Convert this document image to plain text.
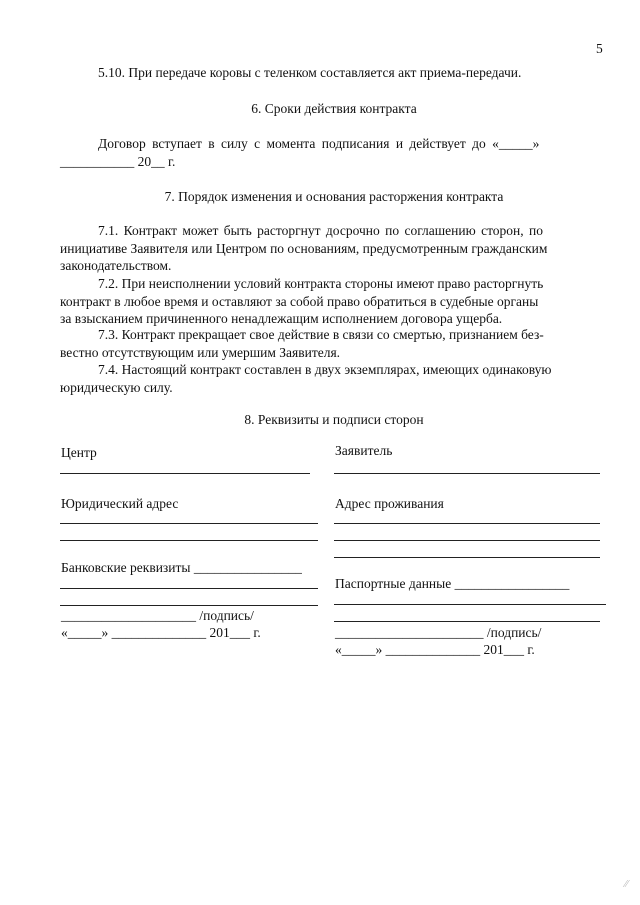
5
5.10. При передаче коровы с теленком составляется акт приема-передачи.
6. Сроки действия контракта
Договор вступает в силу с момента подписания и действует до «_____»
___________ 20__ г.
7. Порядок изменения и основания расторжения контракта
7.1. Контракт может быть расторгнут досрочно по соглашению сторон, по
инициативе Заявителя или Центром по основаниям, предусмотренным гражданским
законодательством.
7.2. При неисполнении условий контракта стороны имеют право расторгнуть
контракт в любое время и оставляют за собой право обратиться в судебные органы
за взысканием причиненного ненадлежащим исполнением договора ущерба.
7.3. Контракт прекращает свое действие в связи со смертью, признанием без-
вестно отсутствующим или умершим Заявителя.
7.4. Настоящий контракт составлен в двух экземплярах, имеющих одинаковую
юридическую силу.
8. Реквизиты и подписи сторон
Центр
Юридический адрес
Банковские реквизиты ________________
____________________ /подпись/
«_____» ______________ 201___ г.
Заявитель
Адрес проживания
Паспортные данные _________________
______________________ /подпись/
«_____» ______________ 201___ г.
⁄⁄
